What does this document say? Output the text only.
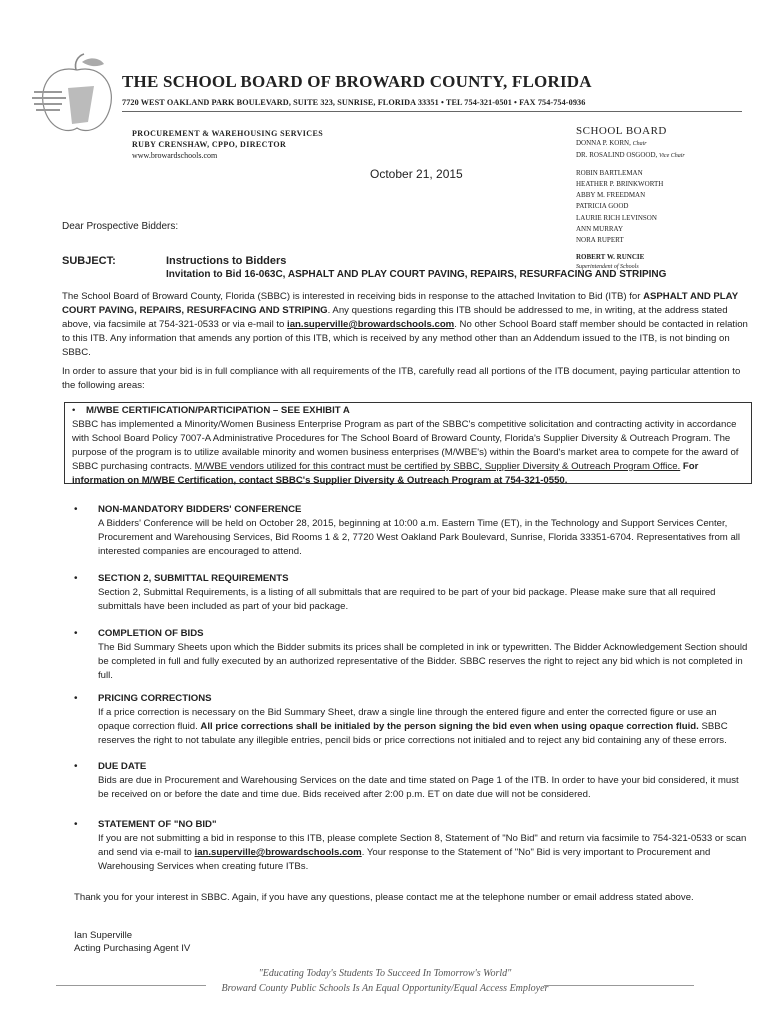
THE SCHOOL BOARD OF BROWARD COUNTY, FLORIDA
7720 WEST OAKLAND PARK BOULEVARD, SUITE 323, SUNRISE, FLORIDA 33351 • TEL 754-321-0501 • FAX 754-754-0936
PROCUREMENT & WAREHOUSING SERVICES
RUBY CRENSHAW, CPPO, DIRECTOR
www.browardschools.com
SCHOOL BOARD
DONNA P. KORN, Chair
DR. ROSALIND OSGOOD, Vice Chair
ROBIN BARTLEMAN
HEATHER P. BRINKWORTH
ABBY M. FREEDMAN
PATRICIA GOOD
LAURIE RICH LEVINSON
ANN MURRAY
NORA RUPERT
ROBERT W. RUNCIE
Superintendent of Schools
October 21, 2015
Dear Prospective Bidders:
SUBJECT:	Instructions to Bidders
Invitation to Bid 16-063C, ASPHALT AND PLAY COURT PAVING, REPAIRS, RESURFACING AND STRIPING
The School Board of Broward County, Florida (SBBC) is interested in receiving bids in response to the attached Invitation to Bid (ITB) for ASPHALT AND PLAY COURT PAVING, REPAIRS, RESURFACING AND STRIPING. Any questions regarding this ITB should be addressed to me, in writing, at the address stated above, via facsimile at 754-321-0533 or via e-mail to ian.superville@browardschools.com. No other School Board staff member should be contacted in relation to this ITB. Any information that amends any portion of this ITB, which is received by any method other than an Addendum issued to the ITB, is not binding on SBBC.
In order to assure that your bid is in full compliance with all requirements of the ITB, carefully read all portions of the ITB document, paying particular attention to the following areas:
• M/WBE CERTIFICATION/PARTICIPATION – SEE EXHIBIT A
SBBC has implemented a Minority/Women Business Enterprise Program as part of the SBBC's competitive solicitation and contracting activity in accordance with School Board Policy 7007-A Administrative Procedures for The School Board of Broward County, Florida's Supplier Diversity & Outreach Program. The purpose of the program is to utilize available minority and women business enterprises (M/WBE's) within the Board's market area to compete for the award of SBBC purchasing contracts. M/WBE vendors utilized for this contract must be certified by SBBC, Supplier Diversity & Outreach Program Office. For information on M/WBE Certification, contact SBBC's Supplier Diversity & Outreach Program at 754-321-0550.
• NON-MANDATORY BIDDERS' CONFERENCE
A Bidders' Conference will be held on October 28, 2015, beginning at 10:00 a.m. Eastern Time (ET), in the Technology and Support Services Center, Procurement and Warehousing Services, Bid Rooms 1 & 2, 7720 West Oakland Park Boulevard, Sunrise, Florida 33351-6704. Representatives from all interested companies are encouraged to attend.
• SECTION 2, SUBMITTAL REQUIREMENTS
Section 2, Submittal Requirements, is a listing of all submittals that are required to be part of your bid package. Please make sure that all required submittals have been included as part of your bid package.
• COMPLETION OF BIDS
The Bid Summary Sheets upon which the Bidder submits its prices shall be completed in ink or typewritten. The Bidder Acknowledgement Section should be completed in full and fully executed by an authorized representative of the Bidder. SBBC reserves the right to reject any bid which is not completed in full.
• PRICING CORRECTIONS
If a price correction is necessary on the Bid Summary Sheet, draw a single line through the entered figure and enter the corrected figure or use an opaque correction fluid. All price corrections shall be initialed by the person signing the bid even when using opaque correction fluid. SBBC reserves the right to not tabulate any illegible entries, pencil bids or price corrections not initialed and to reject any bid containing any of these errors.
• DUE DATE
Bids are due in Procurement and Warehousing Services on the date and time stated on Page 1 of the ITB. In order to have your bid considered, it must be received on or before the date and time due. Bids received after 2:00 p.m. ET on date due will not be considered.
• STATEMENT OF "NO BID"
If you are not submitting a bid in response to this ITB, please complete Section 8, Statement of "No Bid" and return via facsimile to 754-321-0533 or scan and send via e-mail to ian.superville@browardschools.com. Your response to the Statement of "No" Bid is very important to Procurement and Warehousing Services when creating future ITBs.
Thank you for your interest in SBBC. Again, if you have any questions, please contact me at the telephone number or email address stated above.
Ian Superville
Acting Purchasing Agent IV
"Educating Today's Students To Succeed In Tomorrow's World"
Broward County Public Schools Is An Equal Opportunity/Equal Access Employer
